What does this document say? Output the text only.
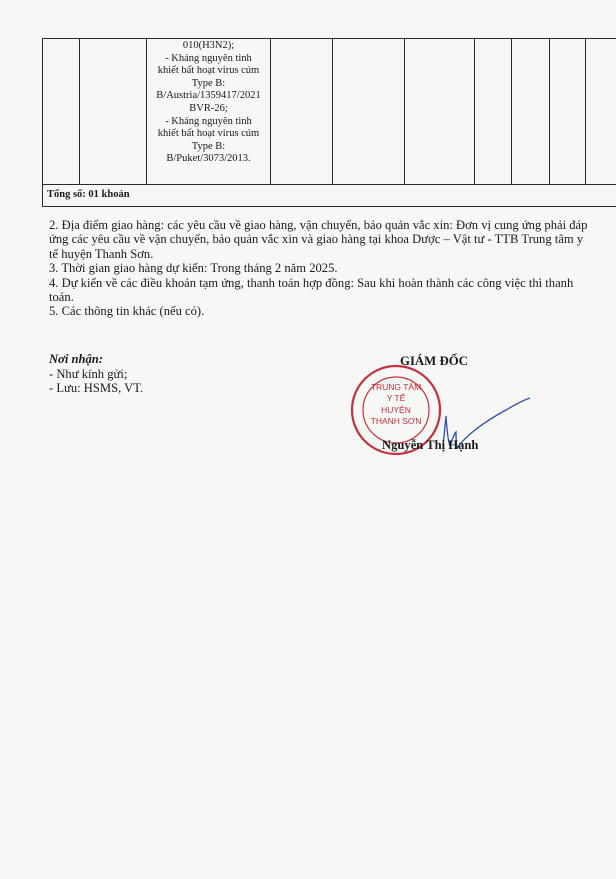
010(H3N2);
- Kháng nguyên tinh
khiết bất hoạt virus cúm
Type B:
B/Austria/1359417/2021
BVR-26;
- Kháng nguyên tinh
khiết bất hoạt virus cúm
Type B:
B/Puket/3073/2013.

Tổng số: 01 khoản

2. Địa điểm giao hàng: các yêu cầu về giao hàng, vận chuyển, bảo quản vắc xin: Đơn vị cung ứng phải đáp ứng các yêu cầu về vận chuyển, bảo quản vắc xin và giao hàng tại khoa Dược – Vật tư - TTB Trung tâm y tế huyện Thanh Sơn.

3. Thời gian giao hàng dự kiến: Trong tháng 2 năm 2025.

4. Dự kiến về các điều khoản tạm ứng, thanh toán hợp đồng: Sau khi hoàn thành các công việc thì thanh toán.

5. Các thông tin khác (nếu có).

Nơi nhận:

- Như kính gửi;

- Lưu: HSMS, VT.	TRUNG TÂM
Y TẾ
HUYỆN
THANH SƠN
GIÁM ĐỐC
Nguyễn Thị Hạnh
